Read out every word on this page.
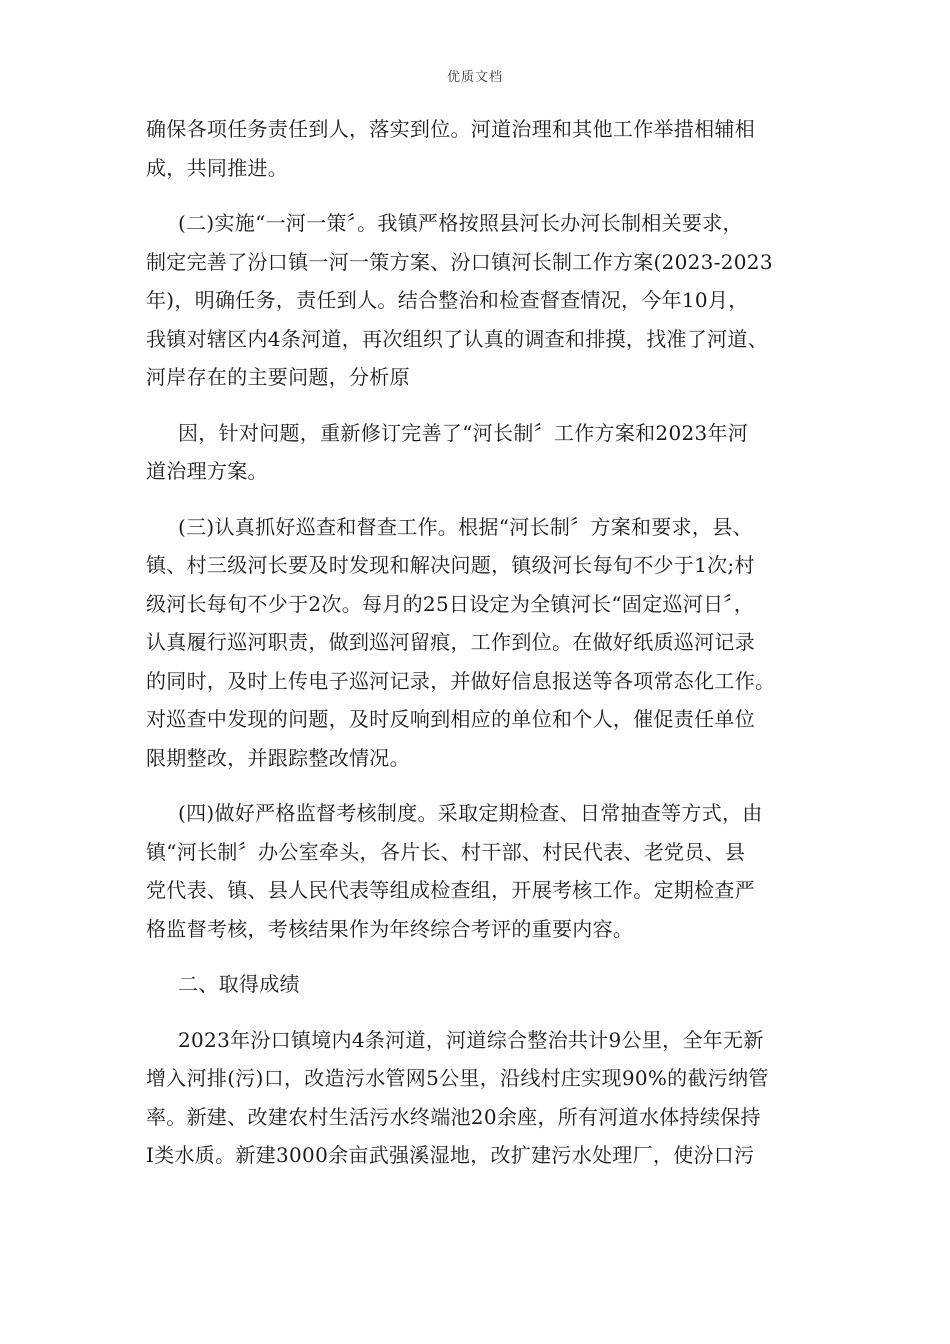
优质文档
确保各项任务责任到人，落实到位。河道治理和其他工作举措相辅相
成，共同推进。
(二)实施“一河一策〞。我镇严格按照县河长办河长制相关要求，
制定完善了汾口镇一河一策方案、汾口镇河长制工作方案(2023-2023
年)，明确任务，责任到人。结合整治和检查督查情况，今年10月，
我镇对辖区内4条河道，再次组织了认真的调查和排摸，找准了河道、
河岸存在的主要问题，分析原
因，针对问题，重新修订完善了“河长制〞工作方案和2023年河
道治理方案。
(三)认真抓好巡查和督查工作。根据“河长制〞方案和要求，县、
镇、村三级河长要及时发现和解决问题，镇级河长每旬不少于1次;村
级河长每旬不少于2次。每月的25日设定为全镇河长“固定巡河日〞，
认真履行巡河职责，做到巡河留痕，工作到位。在做好纸质巡河记录
的同时，及时上传电子巡河记录，并做好信息报送等各项常态化工作。
对巡查中发现的问题，及时反响到相应的单位和个人，催促责任单位
限期整改，并跟踪整改情况。
(四)做好严格监督考核制度。采取定期检查、日常抽查等方式，由
镇“河长制〞办公室牵头，各片长、村干部、村民代表、老党员、县
党代表、镇、县人民代表等组成检查组，开展考核工作。定期检查严
格监督考核，考核结果作为年终综合考评的重要内容。
二、取得成绩
2023年汾口镇境内4条河道，河道综合整治共计9公里，全年无新
增入河排(污)口，改造污水管网5公里，沿线村庄实现90%的截污纳管
率。新建、改建农村生活污水终端池20余座，所有河道水体持续保持
Ⅰ类水质。新建3000余亩武强溪湿地，改扩建污水处理厂，使汾口污
